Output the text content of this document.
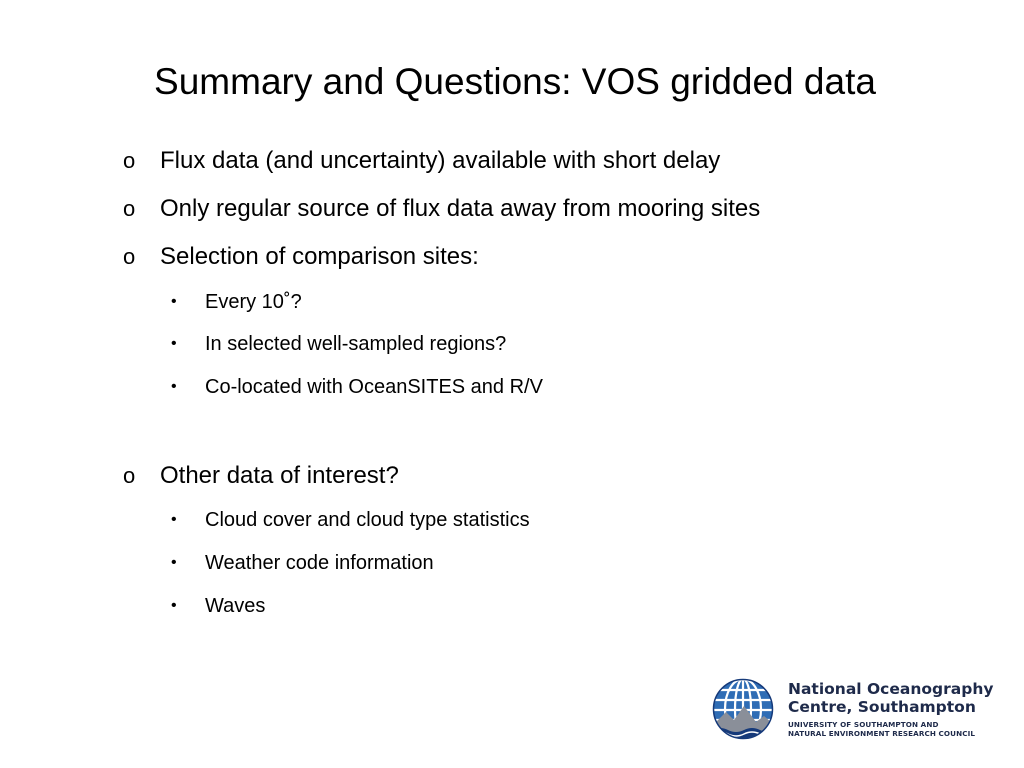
Summary and Questions: VOS gridded data
o Flux data (and uncertainty) available with short delay
o Only regular source of flux data away from mooring sites
o Selection of comparison sites:
• Every 10˚?
• In selected well-sampled regions?
• Co-located with OceanSITES and R/V
o Other data of interest?
• Cloud cover and cloud type statistics
• Weather code information
• Waves
National Oceanography
Centre, Southampton
UNIVERSITY OF SOUTHAMPTON AND
NATURAL ENVIRONMENT RESEARCH COUNCIL
